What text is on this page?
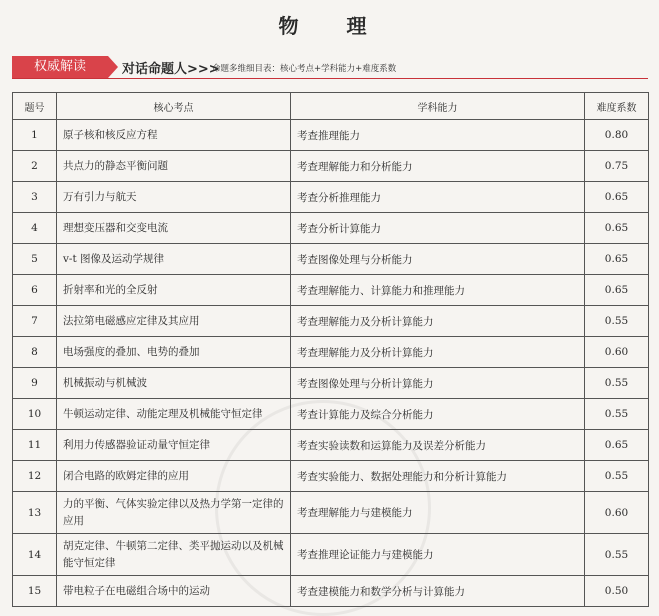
物　理
权威解读	对话命题人>>>
命题多维细目表：核心考点+学科能力+难度系数
题号	核心考点	学科能力	难度系数
1	原子核和核反应方程	考查推理能力	0.80
2	共点力的静态平衡问题	考查理解能力和分析能力	0.75
3	万有引力与航天	考查分析推理能力	0.65
4	理想变压器和交变电流	考查分析计算能力	0.65
5	v-t 图像及运动学规律	考查图像处理与分析能力	0.65
6	折射率和光的全反射	考查理解能力、计算能力和推理能力	0.65
7	法拉第电磁感应定律及其应用	考查理解能力及分析计算能力	0.55
8	电场强度的叠加、电势的叠加	考查理解能力及分析计算能力	0.60
9	机械振动与机械波	考查图像处理与分析计算能力	0.55
10	牛顿运动定律、动能定理及机械能守恒定律	考查计算能力及综合分析能力	0.55
11	利用力传感器验证动量守恒定律	考查实验读数和运算能力及误差分析能力	0.65
12	闭合电路的欧姆定律的应用	考查实验能力、数据处理能力和分析计算能力	0.55
13	力的平衡、气体实验定律以及热力学第一定律的应用	考查理解能力与建模能力	0.60
14	胡克定律、牛顿第二定律、类平抛运动以及机械能守恒定律	考查推理论证能力与建模能力	0.55
15	带电粒子在电磁组合场中的运动	考查建模能力和数学分析与计算能力	0.50
